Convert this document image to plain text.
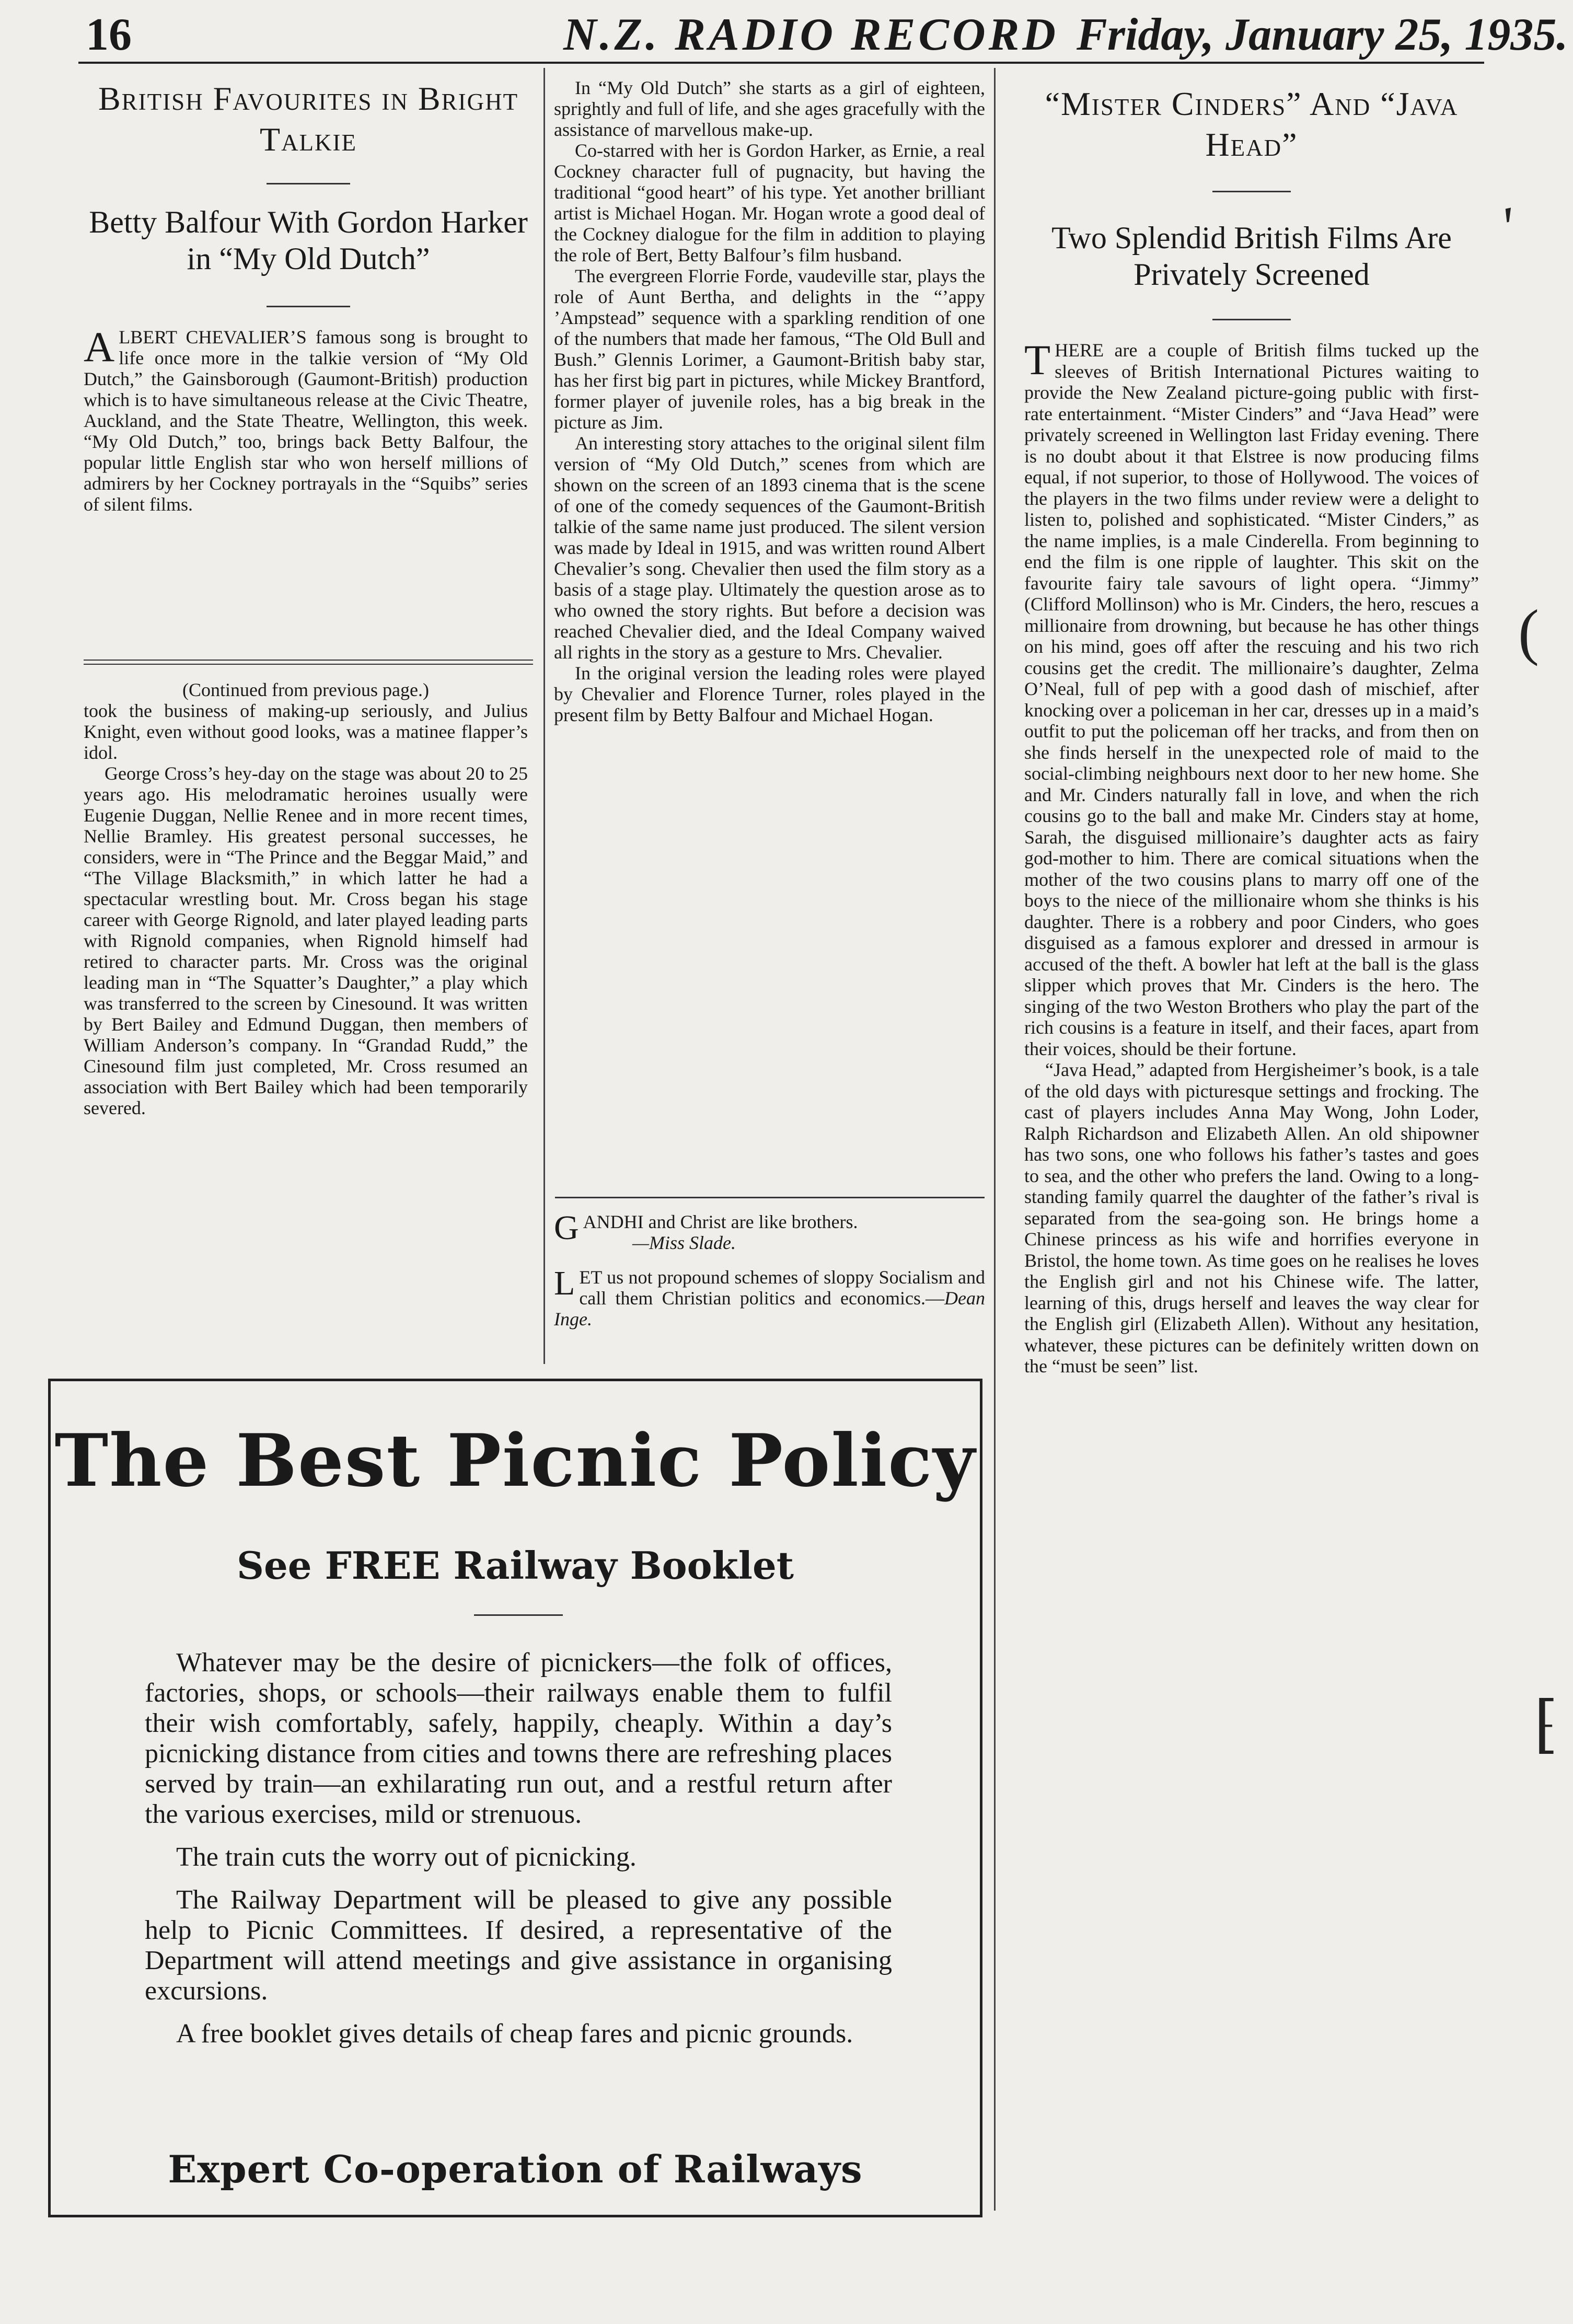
16	N.Z. RADIO RECORD Friday, January 25, 1935.
British Favourites in Bright Talkie
Betty Balfour With Gordon Harker in “My Old Dutch”

ALBERT CHEVALIER’S famous song is brought to life once more in the talkie version of “My Old Dutch,” the Gainsborough (Gaumont-British) production which is to have simultaneous release at the Civic Theatre, Auckland, and the State Theatre, Wellington, this week. “My Old Dutch,” too, brings back Betty Balfour, the popular little English star who won herself millions of admirers by her Cockney portrayals in the “Squibs” series of silent films.

(Continued from previous page.)

took the business of making-up seriously, and Julius Knight, even without good looks, was a matinee flapper’s idol.

George Cross’s hey-day on the stage was about 20 to 25 years ago. His melodramatic heroines usually were Eugenie Duggan, Nellie Renee and in more recent times, Nellie Bramley. His greatest personal successes, he considers, were in “The Prince and the Beggar Maid,” and “The Village Blacksmith,” in which latter he had a spectacular wrestling bout. Mr. Cross began his stage career with George Rignold, and later played leading parts with Rignold companies, when Rignold himself had retired to character parts. Mr. Cross was the original leading man in “The Squatter’s Daughter,” a play which was transferred to the screen by Cinesound. It was written by Bert Bailey and Edmund Duggan, then members of William Anderson’s company. In “Grandad Rudd,” the Cinesound film just completed, Mr. Cross resumed an association with Bert Bailey which had been temporarily severed.

In “My Old Dutch” she starts as a girl of eighteen, sprightly and full of life, and she ages gracefully with the assistance of marvellous make-up.

Co-starred with her is Gordon Harker, as Ernie, a real Cockney character full of pugnacity, but having the traditional “good heart” of his type. Yet another brilliant artist is Michael Hogan. Mr. Hogan wrote a good deal of the Cockney dialogue for the film in addition to playing the role of Bert, Betty Balfour’s film husband.

The evergreen Florrie Forde, vaudeville star, plays the role of Aunt Bertha, and delights in the “’appy ’Ampstead” sequence with a sparkling rendition of one of the numbers that made her famous, “The Old Bull and Bush.” Glennis Lorimer, a Gaumont-British baby star, has her first big part in pictures, while Mickey Brantford, former player of juvenile roles, has a big break in the picture as Jim.

An interesting story attaches to the original silent film version of “My Old Dutch,” scenes from which are shown on the screen of an 1893 cinema that is the scene of one of the comedy sequences of the Gaumont-British talkie of the same name just produced. The silent version was made by Ideal in 1915, and was written round Albert Chevalier’s song. Chevalier then used the film story as a basis of a stage play. Ultimately the question arose as to who owned the story rights. But before a decision was reached Chevalier died, and the Ideal Company waived all rights in the story as a gesture to Mrs. Chevalier.

In the original version the leading roles were played by Chevalier and Florence Turner, roles played in the present film by Betty Balfour and Michael Hogan.

GANDHI and Christ are like brothers.

—Miss Slade.

LET us not propound schemes of sloppy Socialism and call them Christian politics and economics.—Dean Inge.

“Mister Cinders” And “Java Head”
Two Splendid British Films Are Privately Screened

THERE are a couple of British films tucked up the sleeves of British International Pictures waiting to provide the New Zealand picture-going public with first-rate entertainment. “Mister Cinders” and “Java Head” were privately screened in Wellington last Friday evening. There is no doubt about it that Elstree is now producing films equal, if not superior, to those of Hollywood. The voices of the players in the two films under review were a delight to listen to, polished and sophisticated. “Mister Cinders,” as the name implies, is a male Cinderella. From beginning to end the film is one ripple of laughter. This skit on the favourite fairy tale savours of light opera. “Jimmy” (Clifford Mollinson) who is Mr. Cinders, the hero, rescues a millionaire from drowning, but because he has other things on his mind, goes off after the rescuing and his two rich cousins get the credit. The millionaire’s daughter, Zelma O’Neal, full of pep with a good dash of mischief, after knocking over a policeman in her car, dresses up in a maid’s outfit to put the policeman off her tracks, and from then on she finds herself in the unexpected role of maid to the social-climbing neighbours next door to her new home. She and Mr. Cinders naturally fall in love, and when the rich cousins go to the ball and make Mr. Cinders stay at home, Sarah, the disguised millionaire’s daughter acts as fairy god-mother to him. There are comical situations when the mother of the two cousins plans to marry off one of the boys to the niece of the millionaire whom she thinks is his daughter. There is a robbery and poor Cinders, who goes disguised as a famous explorer and dressed in armour is accused of the theft. A bowler hat left at the ball is the glass slipper which proves that Mr. Cinders is the hero. The singing of the two Weston Brothers who play the part of the rich cousins is a feature in itself, and their faces, apart from their voices, should be their fortune.

“Java Head,” adapted from Hergisheimer’s book, is a tale of the old days with picturesque settings and frocking. The cast of players includes Anna May Wong, John Loder, Ralph Richardson and Elizabeth Allen. An old shipowner has two sons, one who follows his father’s tastes and goes to sea, and the other who prefers the land. Owing to a long-standing family quarrel the daughter of the father’s rival is separated from the sea-going son. He brings home a Chinese princess as his wife and horrifies everyone in Bristol, the home town. As time goes on he realises he loves the English girl and not his Chinese wife. The latter, learning of this, drugs herself and leaves the way clear for the English girl (Elizabeth Allen). Without any hesitation, whatever, these pictures can be definitely written down on the “must be seen” list.

The Best Picnic Policy
See FREE Railway Booklet

Whatever may be the desire of picnickers—the folk of offices, factories, shops, or schools—their railways enable them to fulfil their wish comfortably, safely, happily, cheaply. Within a day’s picnicking distance from cities and towns there are refreshing places served by train—an exhilarating run out, and a restful return after the various exercises, mild or strenuous.

The train cuts the worry out of picnicking.

The Railway Department will be pleased to give any possible help to Picnic Committees. If desired, a representative of the Department will attend meetings and give assistance in organising excursions.

A free booklet gives details of cheap fares and picnic grounds.

Expert Co-operation of Railways
′
(
⁅
